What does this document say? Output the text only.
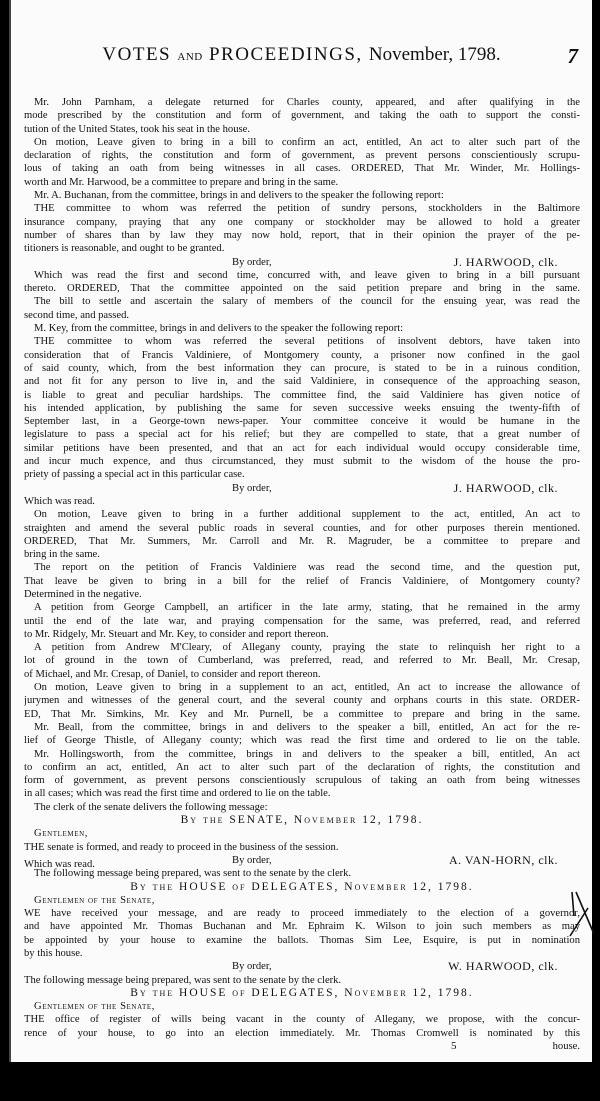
VOTES and PROCEEDINGS, November, 1798.	7
Mr. John Parnham, a delegate returned for Charles county, appeared, and after qualifying in the
mode prescribed by the constitution and form of government, and taking the oath to support the consti-
tution of the United States, took his seat in the house.
On motion, Leave given to bring in a bill to confirm an act, entitled, An act to alter such part of the
declaration of rights, the constitution and form of government, as prevent persons conscientiously scrupu-
lous of taking an oath from being witnesses in all cases. ORDERED, That Mr. Winder, Mr. Hollings-
worth and Mr. Harwood, be a committee to prepare and bring in the same.
Mr. A. Buchanan, from the committee, brings in and delivers to the speaker the following report:
THE committee to whom was referred the petition of sundry persons, stockholders in the Baltimore
insurance company, praying that any one company or stockholder may be allowed to hold a greater
number of shares than by law they may now hold, report, that in their opinion the prayer of the pe-
titioners is reasonable, and ought to be granted.
By order,	J. HARWOOD, clk.
Which was read the first and second time, concurred with, and leave given to bring in a bill pursuant
thereto. ORDERED, That the committee appointed on the said petition prepare and bring in the same.
The bill to settle and ascertain the salary of members of the council for the ensuing year, was read the
second time, and passed.
M. Key, from the committee, brings in and delivers to the speaker the following report:
THE committee to whom was referred the several petitions of insolvent debtors, have taken into
consideration that of Francis Valdiniere, of Montgomery county, a prisoner now confined in the gaol
of said county, which, from the best information they can procure, is stated to be in a ruinous condition,
and not fit for any person to live in, and the said Valdiniere, in consequence of the approaching season,
is liable to great and peculiar hardships. The committee find, the said Valdiniere has given notice of
his intended application, by publishing the same for seven successive weeks ensuing the twenty-fifth of
September last, in a George-town news-paper. Your committee conceive it would be humane in the
legislature to pass a special act for his relief; but they are compelled to state, that a great number of
similar petitions have been presented, and that an act for each individual would occupy considerable time,
and incur much expence, and thus circumstanced, they must submit to the wisdom of the house the pro-
priety of passing a special act in this particular case.
By order,	J. HARWOOD, clk.
Which was read.
On motion, Leave given to bring in a further additional supplement to the act, entitled, An act to
straighten and amend the several public roads in several counties, and for other purposes therein mentioned.
ORDERED, That Mr. Summers, Mr. Carroll and Mr. R. Magruder, be a committee to prepare and
bring in the same.
The report on the petition of Francis Valdiniere was read the second time, and the question put,
That leave be given to bring in a bill for the relief of Francis Valdiniere, of Montgomery county?
Determined in the negative.
A petition from George Campbell, an artificer in the late army, stating, that he remained in the army
until the end of the late war, and praying compensation for the same, was preferred, read, and referred
to Mr. Ridgely, Mr. Steuart and Mr. Key, to consider and report thereon.
A petition from Andrew M'Cleary, of Allegany county, praying the state to relinquish her right to a
lot of ground in the town of Cumberland, was preferred, read, and referred to Mr. Beall, Mr. Cresap,
of Michael, and Mr. Cresap, of Daniel, to consider and report thereon.
On motion, Leave given to bring in a supplement to an act, entitled, An act to increase the allowance of
jurymen and witnesses of the general court, and the several county and orphans courts in this state. ORDER-
ED, That Mr. Simkins, Mr. Key and Mr. Purnell, be a committee to prepare and bring in the same.
Mr. Beall, from the committee, brings in and delivers to the speaker a bill, entitled, An act for the re-
lief of George Thistle, of Allegany county; which was read the first time and ordered to lie on the table.
Mr. Hollingsworth, from the committee, brings in and delivers to the speaker a bill, entitled, An act
to confirm an act, entitled, An act to alter such part of the declaration of rights, the constitution and
form of government, as prevent persons conscientiously scrupulous of taking an oath from being witnesses
in all cases; which was read the first time and ordered to lie on the table.
The clerk of the senate delivers the following message:
By the SENATE, November 12, 1798.
Gentlemen,
THE senate is formed, and ready to proceed in the business of the session.
Which was read.	By order,	A. VAN-HORN, clk.
The following message being prepared, was sent to the senate by the clerk.
By the HOUSE of DELEGATES, November 12, 1798.
Gentlemen of the Senate,
WE have received your message, and are ready to proceed immediately to the election of a governor,
and have appointed Mr. Thomas Buchanan and Mr. Ephraim K. Wilson to join such members as may
be appointed by your house to examine the ballots. Thomas Sim Lee, Esquire, is put in nomination
by this house.
By order,	W. HARWOOD, clk.
The following message being prepared, was sent to the senate by the clerk.
By the HOUSE of DELEGATES, November 12, 1798.
Gentlemen of the Senate,
THE office of register of wills being vacant in the county of Allegany, we propose, with the concur-
rence of your house, to go into an election immediately. Mr. Thomas Cromwell is nominated by this
house.
5
